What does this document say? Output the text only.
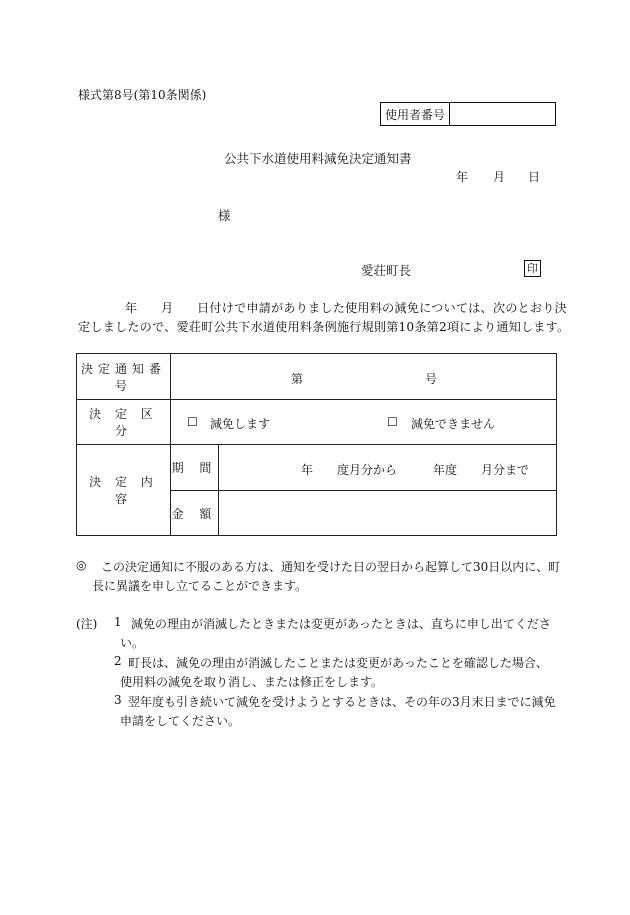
様式第8号(第10条関係)
使用者番号
公共下水道使用料減免決定通知書
年 月 日
様
愛荘町長	印
年 月 日付けで申請がありました使用料の減免については、次のとおり決
定しましたので、愛荘町公共下水道使用料条例施行規則第10条第2項により通知します。
決定通知番号	第 号	

決 定 区 分	☐ 減免します ☐ 減免できません	

決 定 内 容	期 間	年　　度月分から　　　年度　　月分まで

	金 額	
◎ この決定通知に不服のある方は、通知を受けた日の翌日から起算して30日以内に、町
長に異議を申し立てることができます。
(注) 1 減免の理由が消滅したときまたは変更があったときは、直ちに申し出てくださ
い。
2 町長は、減免の理由が消滅したことまたは変更があったことを確認した場合、
使用料の減免を取り消し、または修正をします。
3 翌年度も引き続いて減免を受けようとするときは、その年の3月末日までに減免
申請をしてください。
